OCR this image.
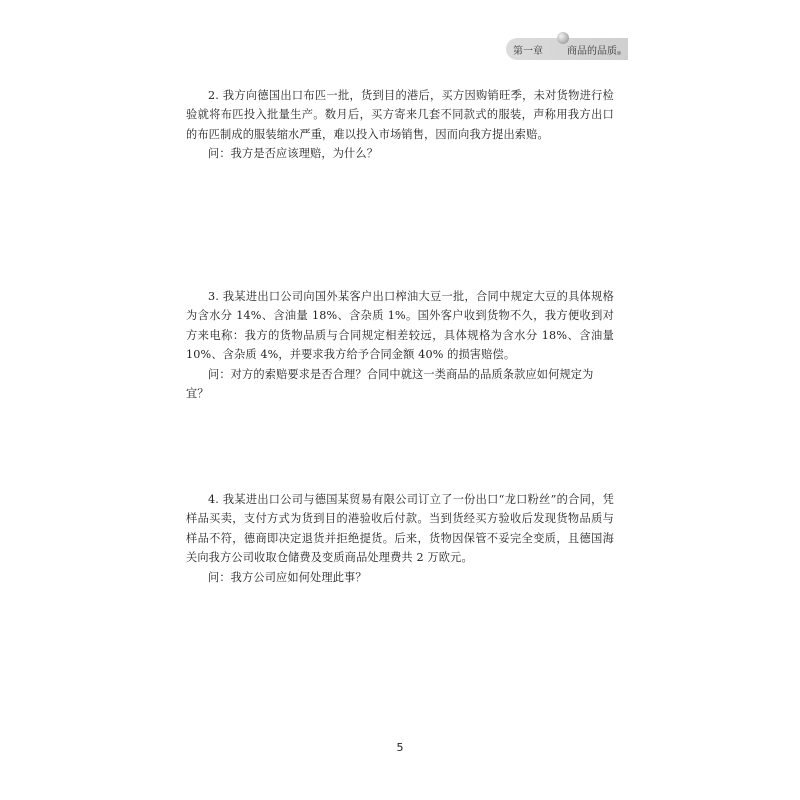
第一章 商品的品质

2. 我方向德国出口布匹一批，货到目的港后，买方因购销旺季，未对货物进行检验就将布匹投入批量生产。数月后，买方寄来几套不同款式的服装，声称用我方出口的布匹制成的服装缩水严重，难以投入市场销售，因而向我方提出索赔。

问：我方是否应该理赔，为什么？

3. 我某进出口公司向国外某客户出口榨油大豆一批，合同中规定大豆的具体规格为含水分 14%、含油量 18%、含杂质 1%。国外客户收到货物不久，我方便收到对方来电称：我方的货物品质与合同规定相差较远，具体规格为含水分 18%、含油量 10%、含杂质 4%，并要求我方给予合同金额 40% 的损害赔偿。

问：对方的索赔要求是否合理？合同中就这一类商品的品质条款应如何规定为宜？

4. 我某进出口公司与德国某贸易有限公司订立了一份出口“龙口粉丝”的合同，凭样品买卖，支付方式为货到目的港验收后付款。当到货经买方验收后发现货物品质与样品不符，德商即决定退货并拒绝提货。后来，货物因保管不妥完全变质，且德国海关向我方公司收取仓储费及变质商品处理费共 2 万欧元。

问：我方公司应如何处理此事？

5
